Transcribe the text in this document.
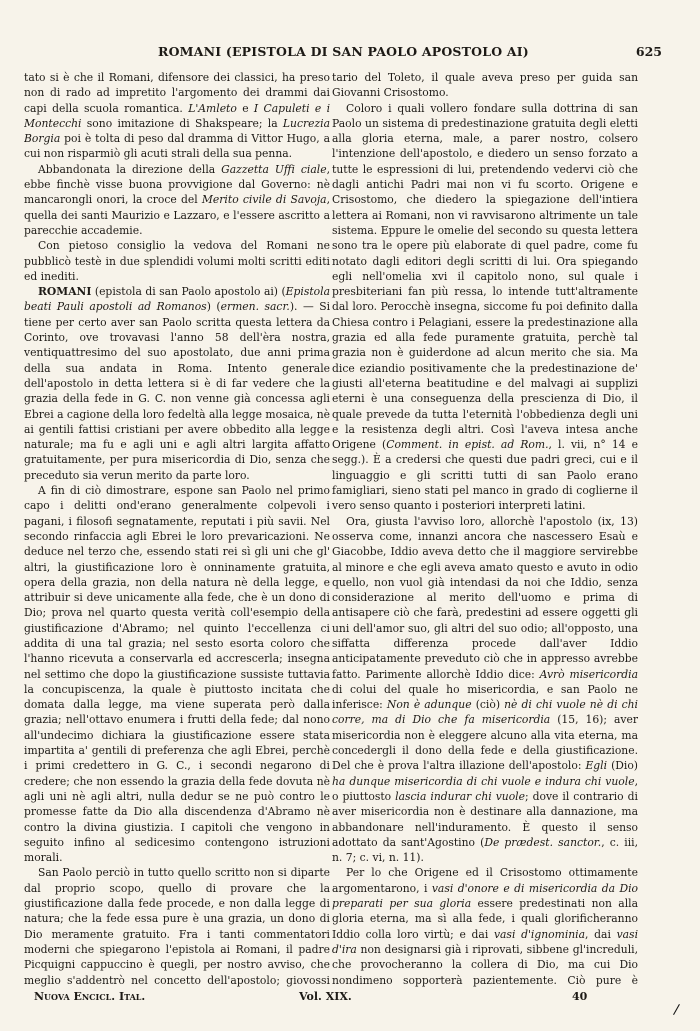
ROMANI (EPISTOLA DI SAN PAOLO APOSTOLO AI)	625

tato si è che il Romani, difensore dei classici, ha preso non di rado ad impretito l'argomento dei drammi dai capi della scuola romantica. L'Amleto e I Capuleti e i Montecchi sono imitazione di Shakspeare; la Lucrezia Borgia poi è tolta di peso dal dramma di Vittor Hugo, a cui non risparmiò gli acuti strali della sua penna.

Abbandonata la direzione della Gazzetta Uffi ciale, ebbe finchè visse buona provvigione dal Governo: nè mancarongli onori, la croce del Merito civile di Savoja, quella dei santi Maurizio e Lazzaro, e l'essere ascritto a parecchie accademie.

Con pietoso consiglio la vedova del Romani ne pubblicò testè in due splendidi volumi molti scritti editi ed inediti.

ROMANI (epistola di san Paolo apostolo ai) (Epistola beati Pauli apostoli ad Romanos) (ermen. sacr.). — Si tiene per certo aver san Paolo scritta questa lettera da Corinto, ove trovavasi l'anno 58 dell'èra nostra, ventiquattresimo del suo apostolato, due anni prima della sua andata in Roma. Intento generale dell'apostolo in detta lettera si è di far vedere che la grazia della fede in G. C. non venne già concessa agli Ebrei a cagione della loro fedeltà alla legge mosaica, nè ai gentili fattisi cristiani per avere obbedito alla legge naturale; ma fu e agli uni e agli altri largita affatto gratuitamente, per pura misericordia di Dio, senza che preceduto sia verun merito da parte loro.

A fin di ciò dimostrare, espone san Paolo nel primo capo i delitti ond'erano generalmente colpevoli i pagani, i filosofi segnatamente, reputati i più savii. Nel secondo rinfaccia agli Ebrei le loro prevaricazioni. Ne deduce nel terzo che, essendo stati rei sì gli uni che gl' altri, la giustificazione loro è onninamente gratuita, opera della grazia, non della natura nè della legge, e attribuir si deve unicamente alla fede, che è un dono di Dio; prova nel quarto questa verità coll'esempio della giustificazione d'Abramo; nel quinto l'eccellenza ci addita di una tal grazia; nel sesto esorta coloro che l'hanno ricevuta a conservarla ed accrescerla; insegna nel settimo che dopo la giustificazione sussiste tuttavia la concupiscenza, la quale è piuttosto incitata che domata dalla legge, ma viene superata però dalla grazia; nell'ottavo enumera i frutti della fede; dal nono all'undecimo dichiara la giustificazione essere stata impartita a' gentili di preferenza che agli Ebrei, perchè i primi credettero in G. C., i secondi negarono di credere; che non essendo la grazia della fede dovuta nè agli uni nè agli altri, nulla dedur se ne può contro le promesse fatte da Dio alla discendenza d'Abramo nè contro la divina giustizia. I capitoli che vengono in seguito infino al sedicesimo contengono istruzioni morali.

San Paolo perciò in tutto quello scritto non si diparte dal proprio scopo, quello di provare che la giustificazione dalla fede procede, e non dalla legge di natura; che la fede essa pure è una grazia, un dono di Dio meramente gratuito. Fra i tanti commentatori moderni che spiegarono l'epistola ai Romani, il padre Picquigni cappuccino è quegli, per nostro avviso, che meglio s'addentrò nel concetto dell'apostolo; giovossi

tario del Toleto, il quale aveva preso per guida san Giovanni Crisostomo.

Coloro i quali vollero fondare sulla dottrina di san Paolo un sistema di predestinazione gratuita degli eletti alla gloria eterna, male, a parer nostro, colsero l'intenzione dell'apostolo, e diedero un senso forzato a tutte le espressioni di lui, pretendendo vedervi ciò che dagli antichi Padri mai non vi fu scorto. Origene e Crisostomo, che diedero la spiegazione dell'intiera lettera ai Romani, non vi ravvisarono altrimente un tale sistema. Eppure le omelie del secondo su questa lettera sono tra le opere più elaborate di quel padre, come fu notato dagli editori degli scritti di lui. Ora spiegando egli nell'omelia xvi il capitolo nono, sul quale i presbiteriani fan più ressa, lo intende tutt'altramente dal loro. Perocchè insegna, siccome fu poi definito dalla Chiesa contro i Pelagiani, essere la predestinazione alla grazia ed alla fede puramente gratuita, perchè tal grazia non è guiderdone ad alcun merito che sia. Ma dice eziandio positivamente che la predestinazione de' giusti all'eterna beatitudine e del malvagi ai supplizi eterni è una conseguenza della prescienza di Dio, il quale prevede da tutta l'eternità l'obbedienza degli uni e la resistenza degli altri. Così l'aveva intesa anche Origene (Comment. in epist. ad Rom., l. vii, n° 14 e segg.). È a credersi che questi due padri greci, cui e il linguaggio e gli scritti tutti di san Paolo erano famigliari, sieno stati pel manco in grado di coglierne il vero senso quanto i posteriori interpreti latini.

Ora, giusta l'avviso loro, allorchè l'apostolo (ix, 13) osserva come, innanzi ancora che nascessero Esaù e Giacobbe, Iddio aveva detto che il maggiore servirebbe al minore e che egli aveva amato questo e avuto in odio quello, non vuol già intendasi da noi che Iddio, senza considerazione al merito dell'uomo e prima di antisapere ciò che farà, predestini ad essere oggetti gli uni dell'amor suo, gli altri del suo odio; all'opposto, una siffatta differenza procede dall'aver Iddio anticipatamente preveduto ciò che in appresso avrebbe fatto. Parimente allorchè Iddio dice: Avrò misericordia di colui del quale ho misericordia, e san Paolo ne inferisce: Non è adunque (ciò) nè di chi vuole nè di chi corre, ma di Dio che fa misericordia (15, 16); aver misericordia non è eleggere alcuno alla vita eterna, ma concedergli il dono della fede e della giustificazione. Del che è prova l'altra illazione dell'apostolo: Egli (Dio) ha dunque misericordia di chi vuole e indura chi vuole, o piuttosto lascia indurar chi vuole; dove il contrario di aver misericordia non è destinare alla dannazione, ma abbandonare nell'induramento. È questo il senso adottato da sant'Agostino (De prædest. sanctor., c. iii, n. 7; c. vi, n. 11).

Per lo che Origene ed il Crisostomo ottimamente argomentarono, i vasi d'onore e di misericordia da Dio preparati per sua gloria essere predestinati non alla gloria eterna, ma sì alla fede, i quali glorificheranno Iddio colla loro virtù; e dai vasi d'ignominia, dai vasi d'ira non designarsi già i riprovati, sibbene gl'increduli, che provocheranno la collera di Dio, ma cui Dio nondimeno sopporterà pazientemente. Ciò pure è

Nuova Encicl. Ital.	Vol. XIX.	40
/
